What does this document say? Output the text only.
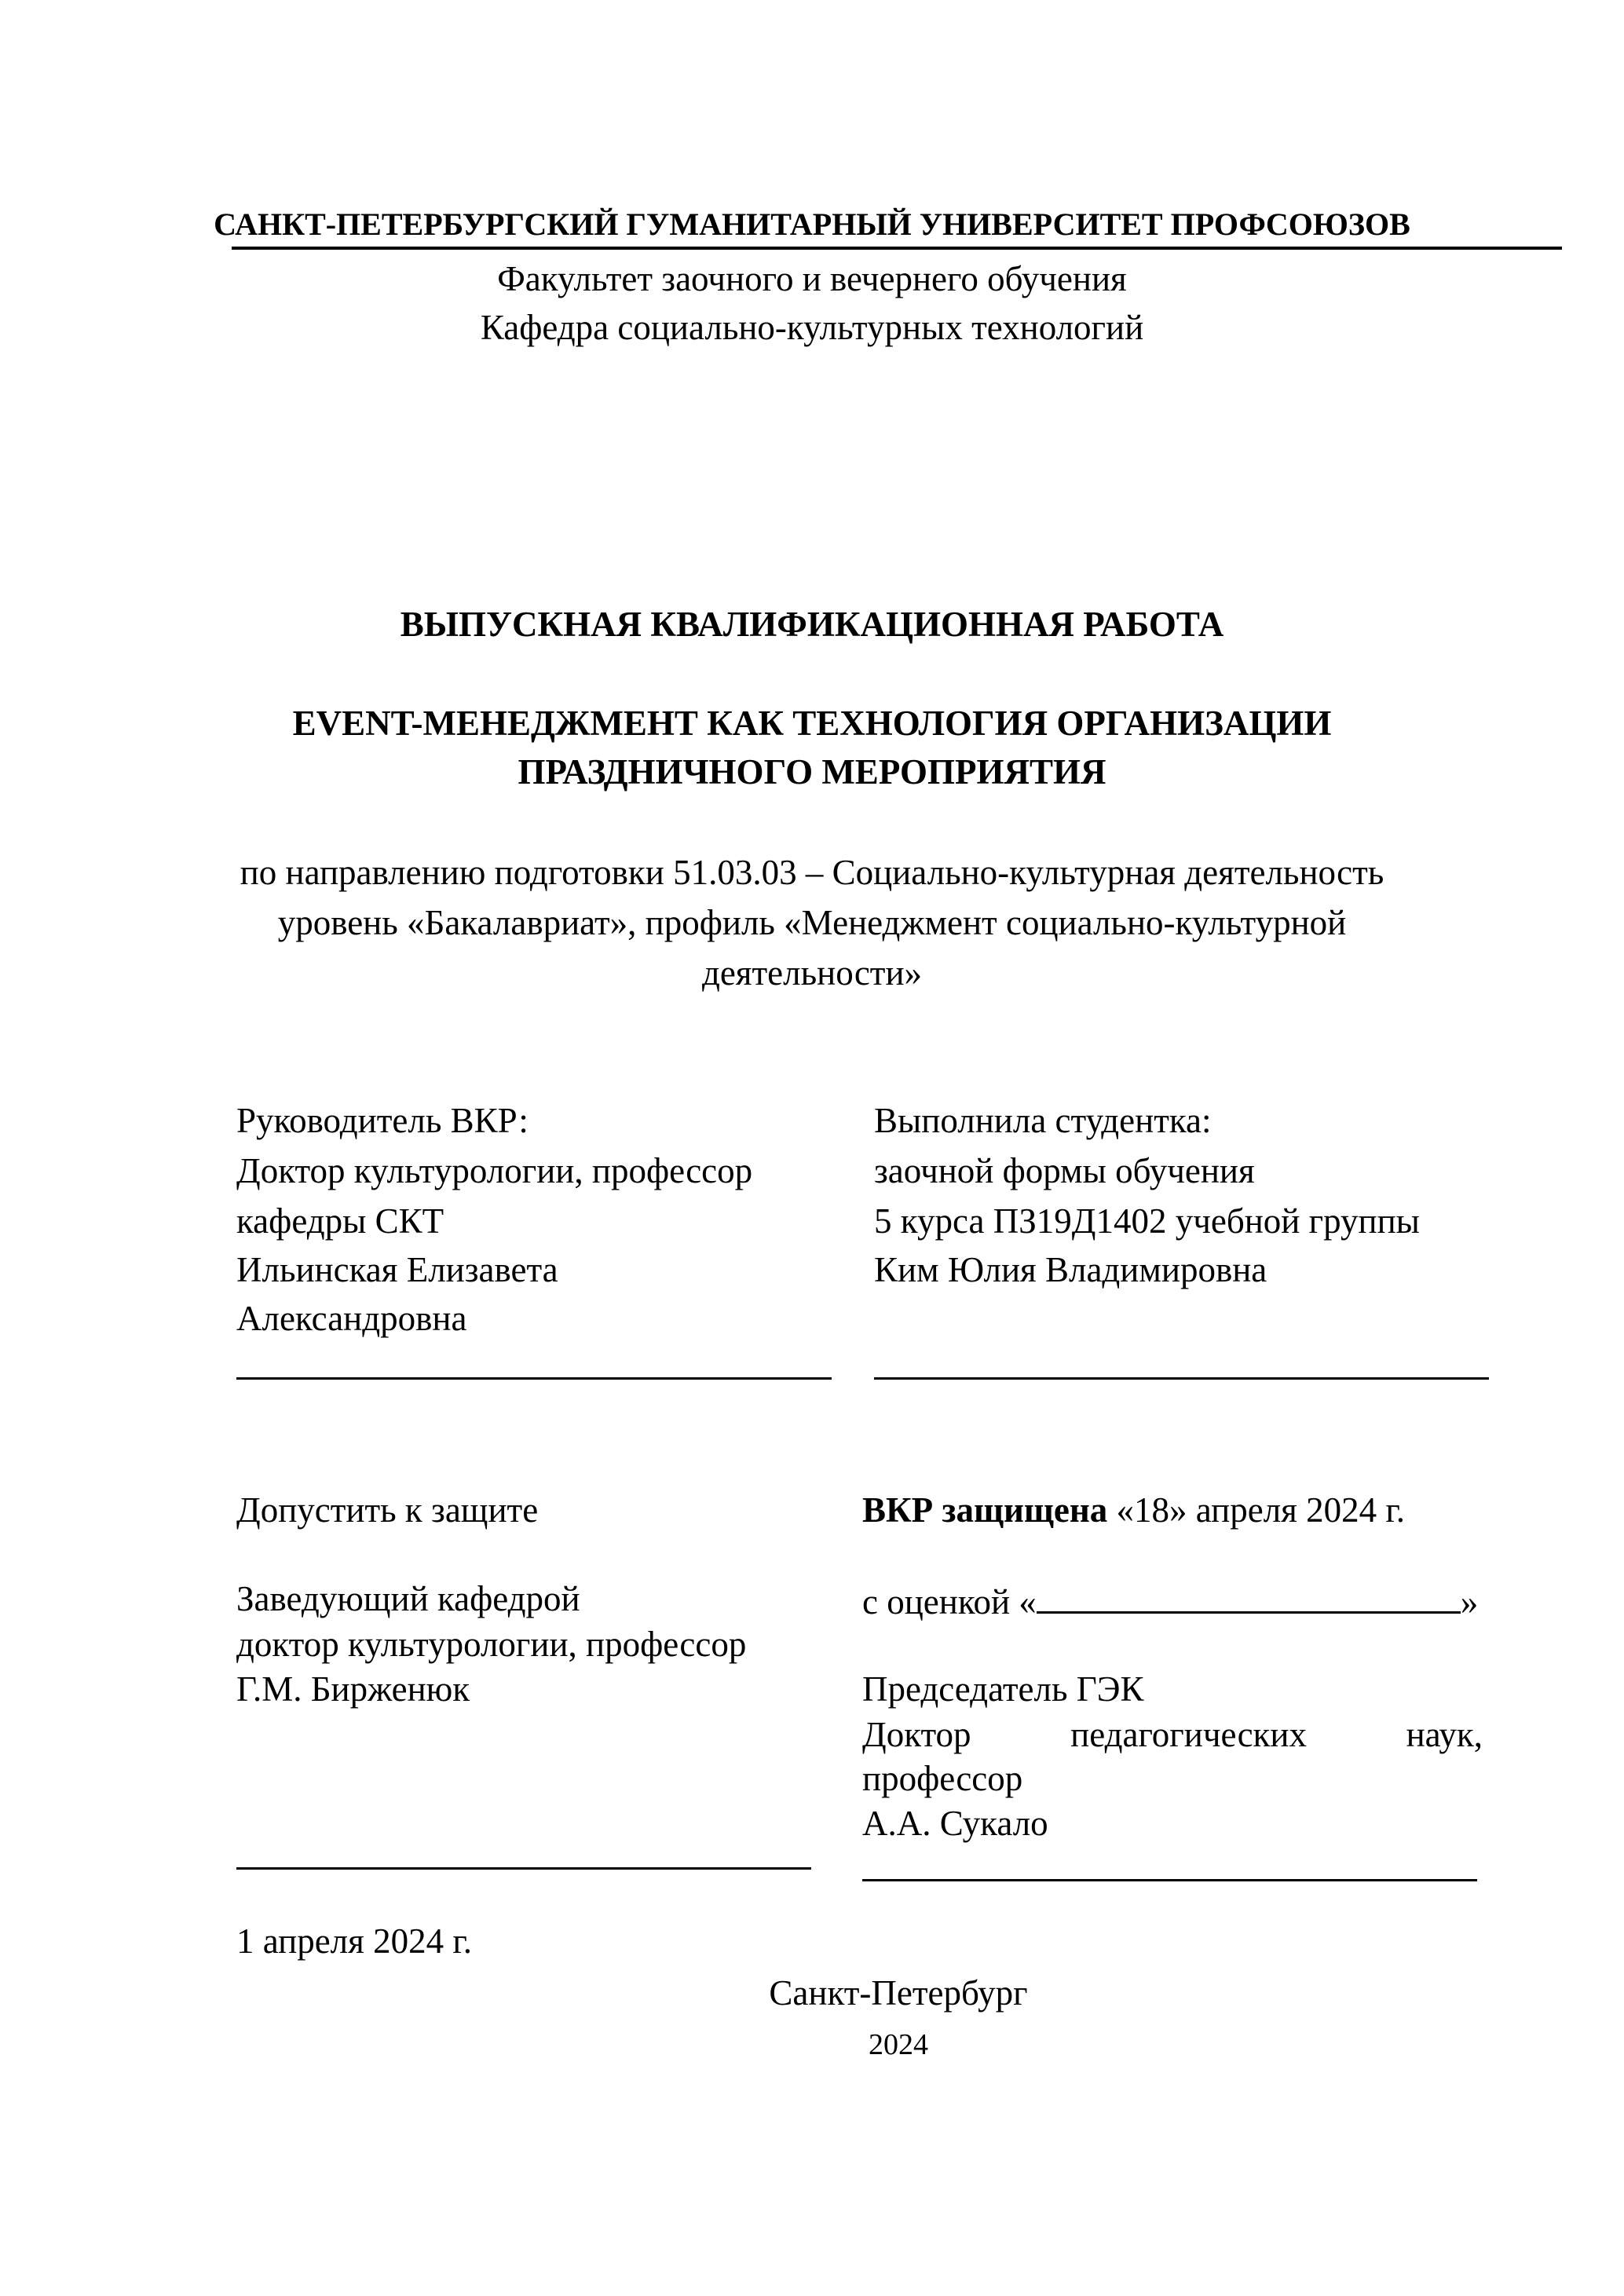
САНКТ-ПЕТЕРБУРГСКИЙ ГУМАНИТАРНЫЙ УНИВЕРСИТЕТ ПРОФСОЮЗОВ
Факультет заочного и вечернего обучения
Кафедра социально-культурных технологий
ВЫПУСКНАЯ КВАЛИФИКАЦИОННАЯ РАБОТА
EVENT-МЕНЕДЖМЕНТ КАК ТЕХНОЛОГИЯ ОРГАНИЗАЦИИ
ПРАЗДНИЧНОГО МЕРОПРИЯТИЯ
по направлению подготовки 51.03.03 – Социально-культурная деятельность
уровень «Бакалавриат», профиль «Менеджмент социально-культурной
деятельности»
Руководитель ВКР:
Доктор культурологии, профессор
кафедры СКТ
Ильинская Елизавета
Александровна
Выполнила студентка:
заочной формы обучения
5 курса ПЗ19Д1402 учебной группы
Ким Юлия Владимировна
Допустить к защите
Заведующий кафедрой
доктор культурологии, профессор
Г.М. Бирженюк
1 апреля 2024 г.
ВКР защищена «18» апреля 2024 г.
с оценкой «	»
Председатель ГЭК
Доктор	педагогических	наук,
профессор
А.А. Сукало
Санкт-Петербург
2024
